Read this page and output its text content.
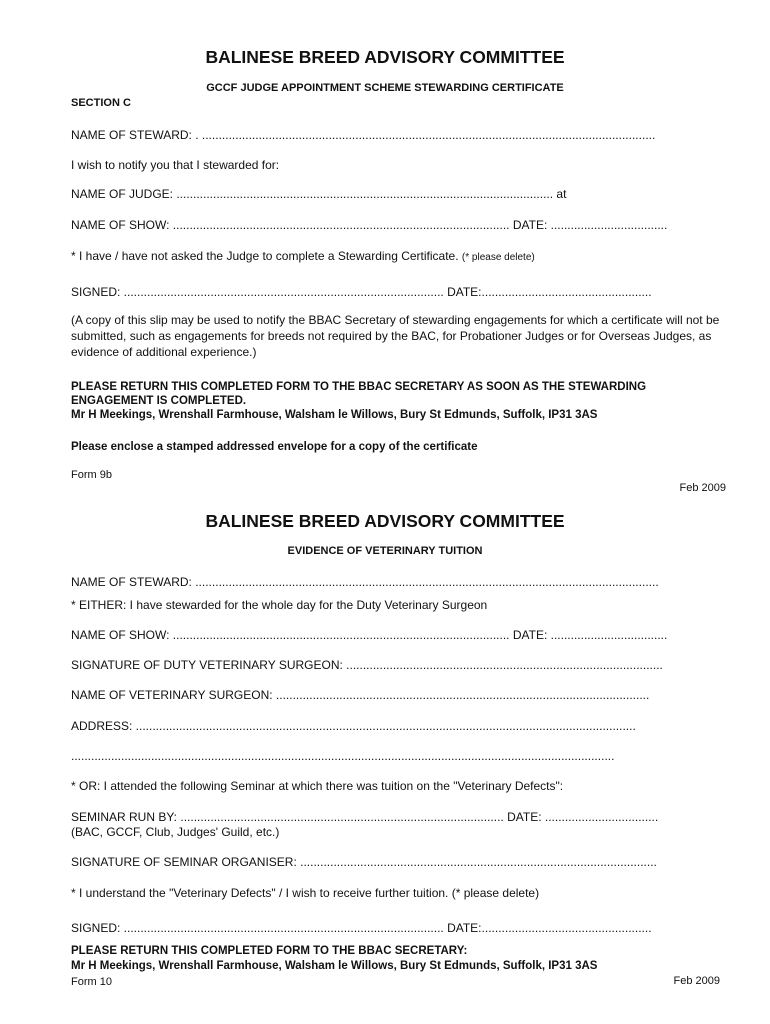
BALINESE BREED ADVISORY COMMITTEE
GCCF JUDGE APPOINTMENT SCHEME STEWARDING CERTIFICATE
SECTION C
NAME OF STEWARD: . ........................................................................................................................................
I wish to notify you that I stewarded for:
NAME OF JUDGE: ................................................................................................................. at
NAME OF SHOW: ..................................................................................................... DATE: ...................................
* I have / have not asked the Judge to complete a Stewarding Certificate. (* please delete)
SIGNED: ................................................................................................ DATE:...................................................
(A copy of this slip may be used to notify the BBAC Secretary of stewarding engagements for which a certificate will not be submitted, such as engagements for breeds not required by the BAC, for Probationer Judges or for Overseas Judges, as evidence of additional experience.)
PLEASE RETURN THIS COMPLETED FORM TO THE BBAC SECRETARY AS SOON AS THE STEWARDING
ENGAGEMENT IS COMPLETED.
Mr H Meekings, Wrenshall Farmhouse, Walsham le Willows, Bury St Edmunds, Suffolk, IP31 3AS
Please enclose a stamped addressed envelope for a copy of the certificate
Form 9b
Feb 2009
BALINESE BREED ADVISORY COMMITTEE
EVIDENCE OF VETERINARY TUITION
NAME OF STEWARD: ...........................................................................................................................................
* EITHER: I have stewarded for the whole day for the Duty Veterinary Surgeon
NAME OF SHOW: ..................................................................................................... DATE: ...................................
SIGNATURE OF DUTY VETERINARY SURGEON: ...............................................................................................
NAME OF VETERINARY SURGEON: ................................................................................................................
ADDRESS: ......................................................................................................................................................
...................................................................................................................................................................
* OR: I attended the following Seminar at which there was tuition on the "Veterinary Defects":
SEMINAR RUN BY: ................................................................................................. DATE: ..................................
(BAC, GCCF, Club, Judges' Guild, etc.)
SIGNATURE OF SEMINAR ORGANISER: ...........................................................................................................
* I understand the "Veterinary Defects" / I wish to receive further tuition. (* please delete)
SIGNED: ................................................................................................ DATE:...................................................
PLEASE RETURN THIS COMPLETED FORM TO THE BBAC SECRETARY:
Mr H Meekings, Wrenshall Farmhouse, Walsham le Willows, Bury St Edmunds, Suffolk, IP31 3AS
Form 10	Feb 2009
